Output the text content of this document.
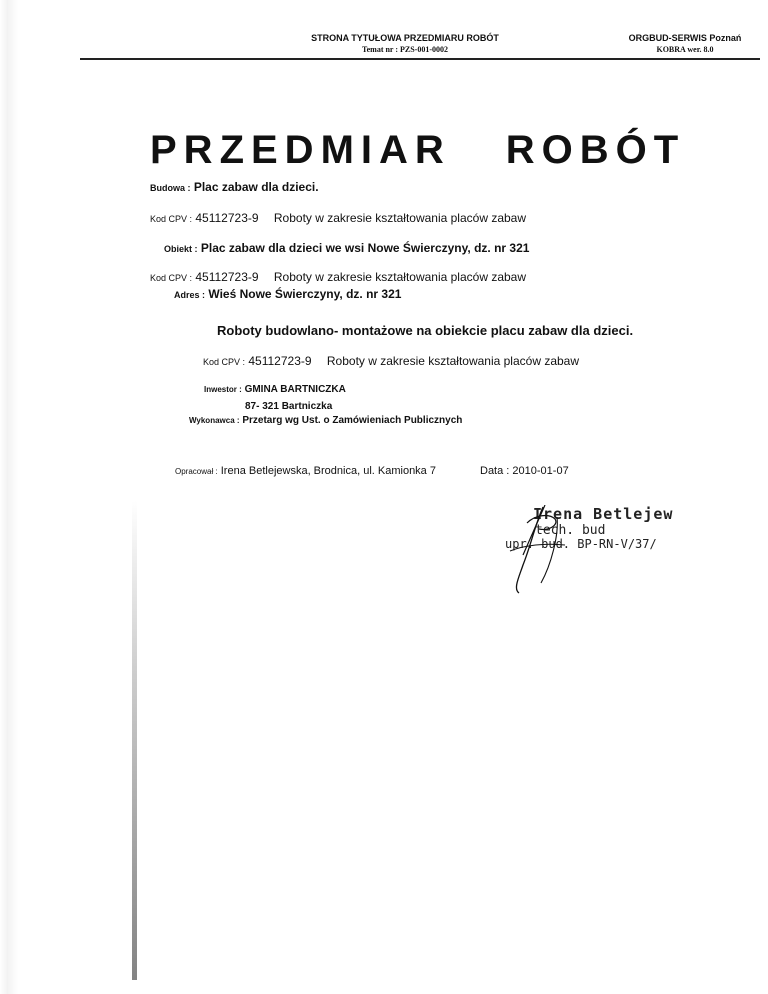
STRONA TYTUŁOWA PRZEDMIARU ROBÓT
Temat nr : PZS-001-0002
ORGBUD-SERWIS Poznań
KOBRA wer. 8.0
PRZEDMIAR ROBÓT
Budowa : Plac zabaw dla dzieci.
Kod CPV : 45112723-9 Roboty w zakresie kształtowania placów zabaw
Obiekt : Plac zabaw dla dzieci we wsi Nowe Świerczyny, dz. nr 321
Kod CPV : 45112723-9 Roboty w zakresie kształtowania placów zabaw
Adres : Wieś Nowe Świerczyny, dz. nr 321
Roboty budowlano- montażowe na obiekcie placu zabaw dla dzieci.
Kod CPV : 45112723-9 Roboty w zakresie kształtowania placów zabaw
Inwestor : GMINA BARTNICZKA
87- 321 Bartniczka
Wykonawca : Przetarg wg Ust. o Zamówieniach Publicznych
Opracował : Irena Betlejewska, Brodnica, ul. Kamionka 7	Data : 2010-01-07
Irena Betlejew
tech. bud
upr. bud. BP-RN-V/37/
